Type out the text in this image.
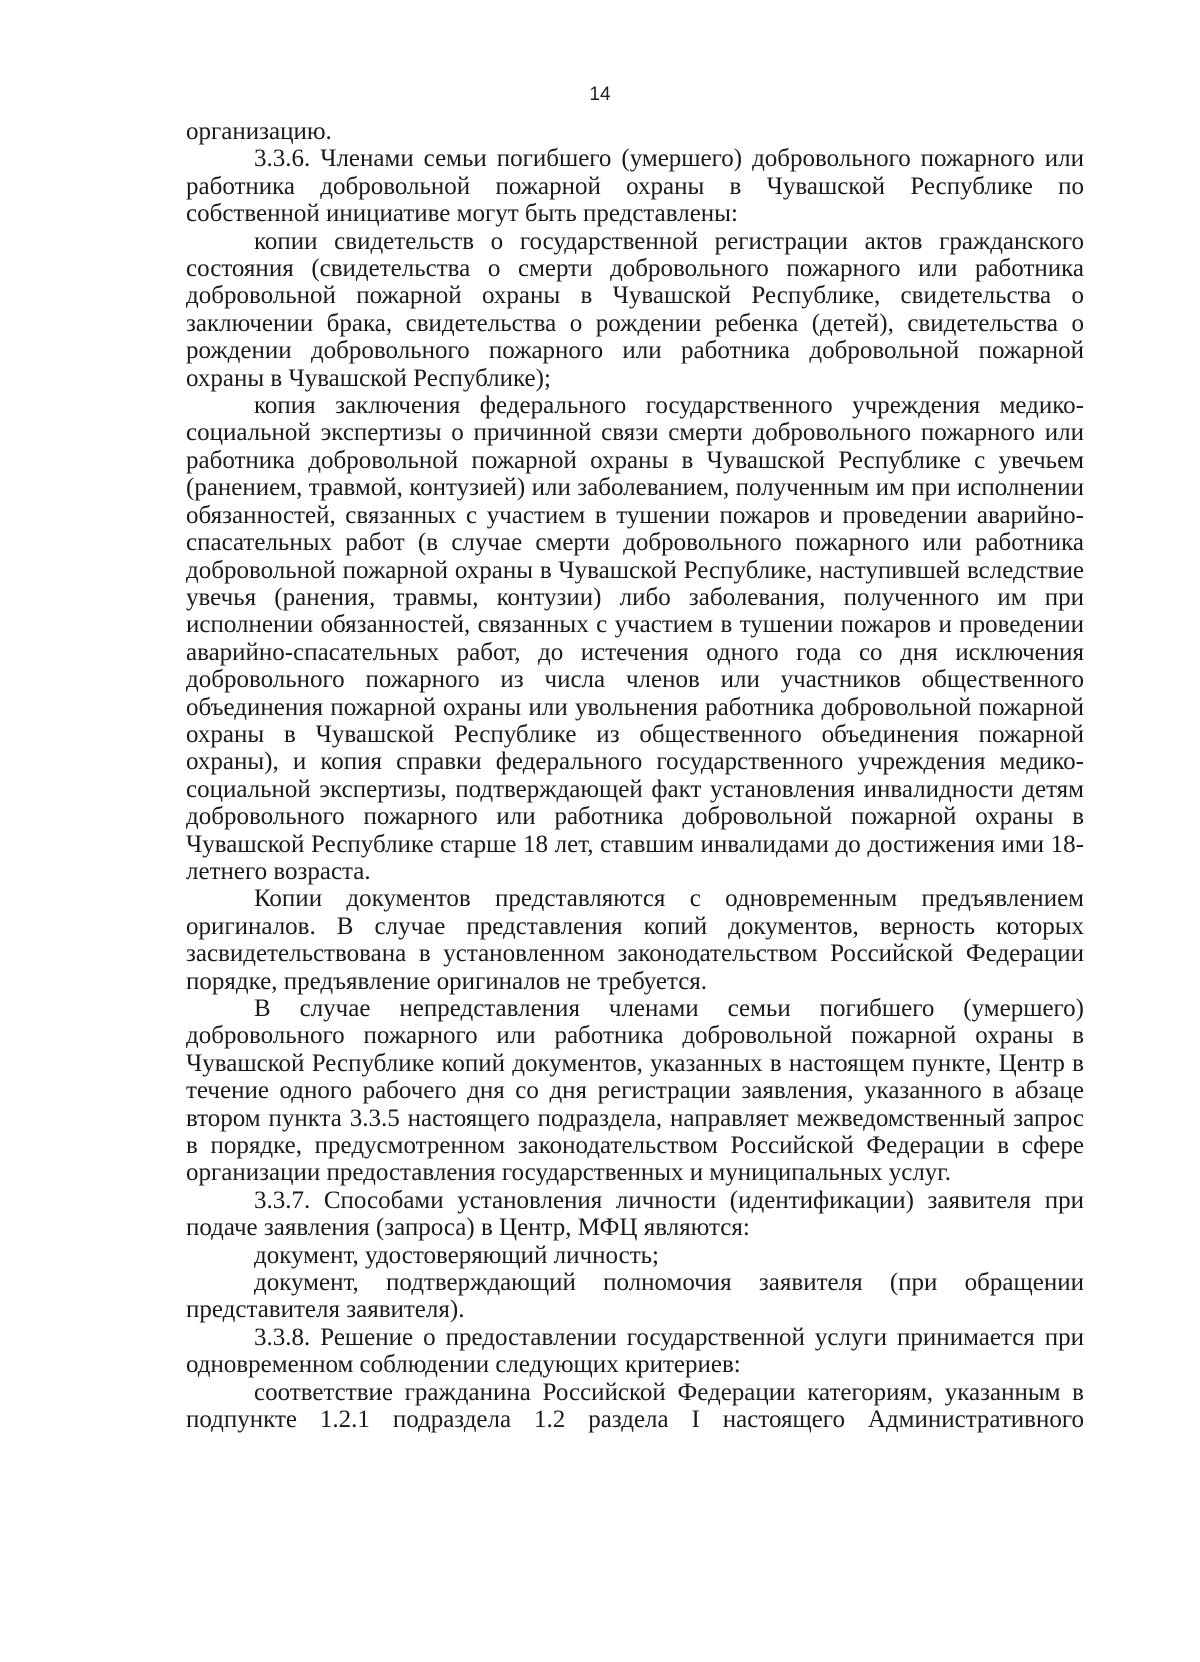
14

организацию.

3.3.6. Членами семьи погибшего (умершего) добровольного пожарного или работника добровольной пожарной охраны в Чувашской Республике по собственной инициативе могут быть представлены:

копии свидетельств о государственной регистрации актов гражданского состояния (свидетельства о смерти добровольного пожарного или работника добровольной пожарной охраны в Чувашской Республике, свидетельства о заключении брака, свидетельства о рождении ребенка (детей), свидетельства о рождении добровольного пожарного или работника добровольной пожарной охраны в Чувашской Республике);

копия заключения федерального государственного учреждения медико-социальной экспертизы о причинной связи смерти добровольного пожарного или работника добровольной пожарной охраны в Чувашской Республике с увечьем (ранением, травмой, контузией) или заболеванием, полученным им при исполнении обязанностей, связанных с участием в тушении пожаров и проведении аварийно-спасательных работ (в случае смерти добровольного пожарного или работника добровольной пожарной охраны в Чувашской Республике, наступившей вследствие увечья (ранения, травмы, контузии) либо заболевания, полученного им при исполнении обязанностей, связанных с участием в тушении пожаров и проведении аварийно-спасательных работ, до истечения одного года со дня исключения добровольного пожарного из числа членов или участников общественного объединения пожарной охраны или увольнения работника добровольной пожарной охраны в Чувашской Республике из общественного объединения пожарной охраны), и копия справки федерального государственного учреждения медико-социальной экспертизы, подтверждающей факт установления инвалидности детям добровольного пожарного или работника добровольной пожарной охраны в Чувашской Республике старше 18 лет, ставшим инвалидами до достижения ими 18-летнего возраста.

Копии документов представляются с одновременным предъявлением оригиналов. В случае представления копий документов, верность которых засвидетельствована в установленном законодательством Российской Федерации порядке, предъявление оригиналов не требуется.

В случае непредставления членами семьи погибшего (умершего) добровольного пожарного или работника добровольной пожарной охраны в Чувашской Республике копий документов, указанных в настоящем пункте, Центр в течение одного рабочего дня со дня регистрации заявления, указанного в абзаце втором пункта 3.3.5 настоящего подраздела, направляет межведомственный запрос в порядке, предусмотренном законодательством Российской Федерации в сфере организации предоставления государственных и муниципальных услуг.

3.3.7. Способами установления личности (идентификации) заявителя при подаче заявления (запроса) в Центр, МФЦ являются:

документ, удостоверяющий личность;

документ, подтверждающий полномочия заявителя (при обращении представителя заявителя).

3.3.8. Решение о предоставлении государственной услуги принимается при одновременном соблюдении следующих критериев:

соответствие гражданина Российской Федерации категориям, указанным в подпункте 1.2.1 подраздела 1.2 раздела I настоящего Административного
